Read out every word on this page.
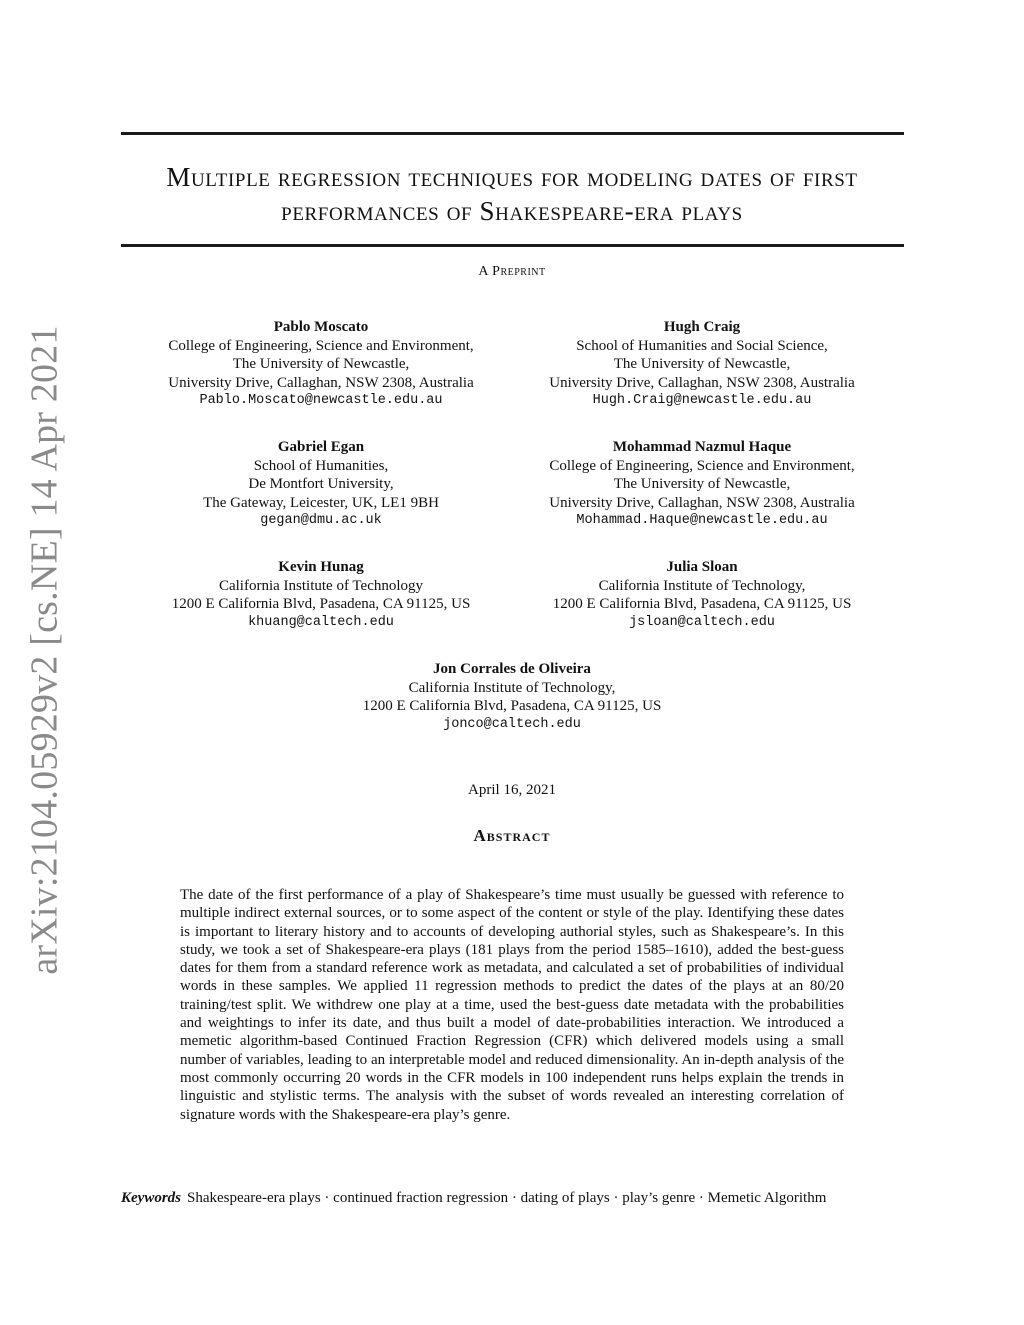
arXiv:2104.05929v2 [cs.NE] 14 Apr 2021
Multiple regression techniques for modeling dates of first performances of Shakespeare-era plays
A Preprint
Pablo Moscato
College of Engineering, Science and Environment,
The University of Newcastle,
University Drive, Callaghan, NSW 2308, Australia
Pablo.Moscato@newcastle.edu.au
Hugh Craig
School of Humanities and Social Science,
The University of Newcastle,
University Drive, Callaghan, NSW 2308, Australia
Hugh.Craig@newcastle.edu.au
Gabriel Egan
School of Humanities,
De Montfort University,
The Gateway, Leicester, UK, LE1 9BH
gegan@dmu.ac.uk
Mohammad Nazmul Haque
College of Engineering, Science and Environment,
The University of Newcastle,
University Drive, Callaghan, NSW 2308, Australia
Mohammad.Haque@newcastle.edu.au
Kevin Hunag
California Institute of Technology
1200 E California Blvd, Pasadena, CA 91125, US
khuang@caltech.edu
Julia Sloan
California Institute of Technology,
1200 E California Blvd, Pasadena, CA 91125, US
jsloan@caltech.edu
Jon Corrales de Oliveira
California Institute of Technology,
1200 E California Blvd, Pasadena, CA 91125, US
jonco@caltech.edu
April 16, 2021
Abstract

The date of the first performance of a play of Shakespeare’s time must usually be guessed with reference to multiple indirect external sources, or to some aspect of the content or style of the play. Identifying these dates is important to literary history and to accounts of developing authorial styles, such as Shakespeare’s. In this study, we took a set of Shakespeare-era plays (181 plays from the period 1585–1610), added the best-guess dates for them from a standard reference work as metadata, and calculated a set of probabilities of individual words in these samples. We applied 11 regression methods to predict the dates of the plays at an 80/20 training/test split. We withdrew one play at a time, used the best-guess date metadata with the probabilities and weightings to infer its date, and thus built a model of date-probabilities interaction. We introduced a memetic algorithm-based Continued Fraction Regression (CFR) which delivered models using a small number of variables, leading to an interpretable model and reduced dimensionality. An in-depth analysis of the most commonly occurring 20 words in the CFR models in 100 independent runs helps explain the trends in linguistic and stylistic terms. The analysis with the subset of words revealed an interesting correlation of signature words with the Shakespeare-era play’s genre.

Keywords Shakespeare-era plays · continued fraction regression · dating of plays · play’s genre · Memetic Algorithm
